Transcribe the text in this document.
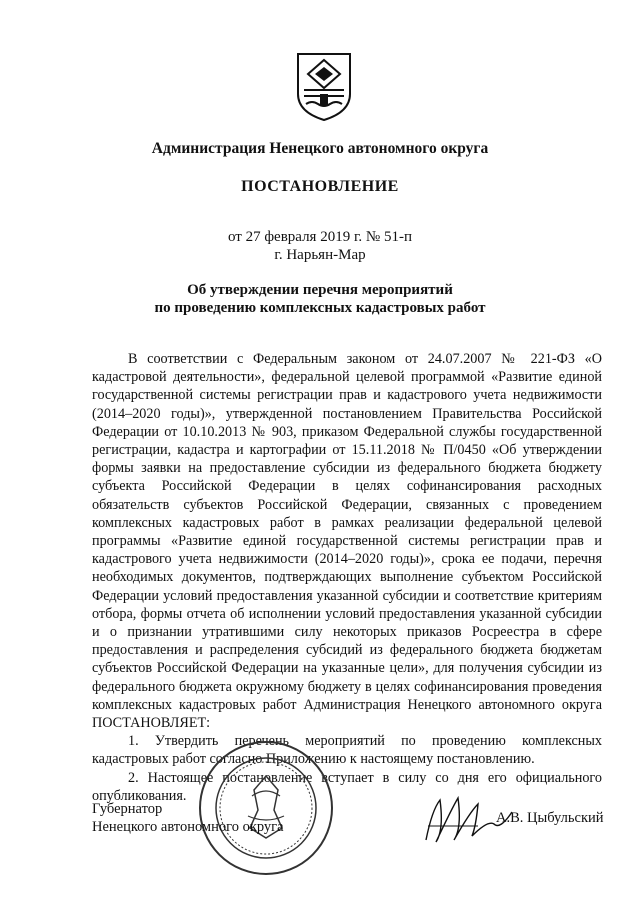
Администрация Ненецкого автономного округа
ПОСТАНОВЛЕНИЕ
от 27 февраля 2019 г. № 51-п
г. Нарьян-Мар
Об утверждении перечня мероприятий
по проведению комплексных кадастровых работ

В соответствии с Федеральным законом от 24.07.2007 № 221-ФЗ «О кадастровой деятельности», федеральной целевой программой «Развитие единой государственной системы регистрации прав и кадастрового учета недвижимости (2014–2020 годы)», утвержденной постановлением Правительства Российской Федерации от 10.10.2013 № 903, приказом Федеральной службы государственной регистрации, кадастра и картографии от 15.11.2018 № П/0450 «Об утверждении формы заявки на предоставление субсидии из федерального бюджета бюджету субъекта Российской Федерации в целях софинансирования расходных обязательств субъектов Российской Федерации, связанных с проведением комплексных кадастровых работ в рамках реализации федеральной целевой программы «Развитие единой государственной системы регистрации прав и кадастрового учета недвижимости (2014–2020 годы)», срока ее подачи, перечня необходимых документов, подтверждающих выполнение субъектом Российской Федерации условий предоставления указанной субсидии и соответствие критериям отбора, формы отчета об исполнении условий предоставления указанной субсидии и о признании утратившими силу некоторых приказов Росреестра в сфере предоставления и распределения субсидий из федерального бюджета бюджетам субъектов Российской Федерации на указанные цели», для получения субсидии из федерального бюджета окружному бюджету в целях софинансирования проведения комплексных кадастровых работ Администрация Ненецкого автономного округа ПОСТАНОВЛЯЕТ:

1. Утвердить перечень мероприятий по проведению комплексных кадастровых работ согласно Приложению к настоящему постановлению.

2. Настоящее постановление вступает в силу со дня его официального опубликования.

Губернатор
Ненецкого автономного округа
А.В. Цыбульский
